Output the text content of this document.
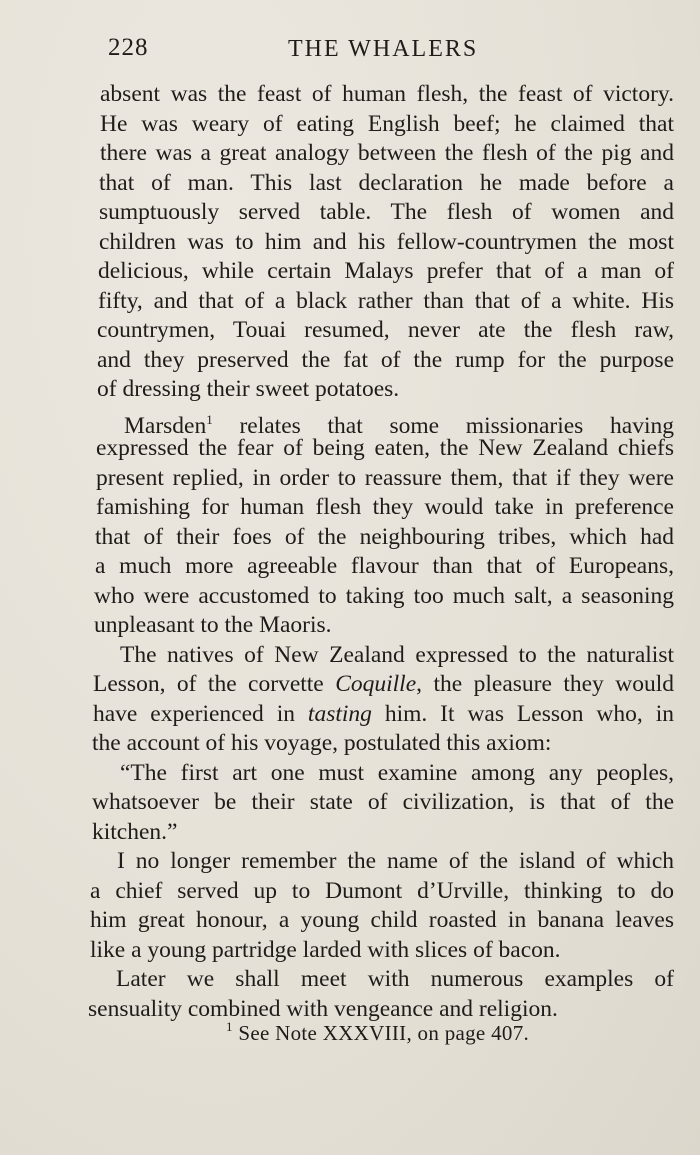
228	THE WHALERS
absent was the feast of human flesh, the feast of victory.
He was weary of eating English beef; he claimed that
there was a great analogy between the flesh of the pig and
that of man. This last declaration he made before a
sumptuously served table. The flesh of women and
children was to him and his fellow-countrymen the most
delicious, while certain Malays prefer that of a man of
fifty, and that of a black rather than that of a white. His
countrymen, Touai resumed, never ate the flesh raw,
and they preserved the fat of the rump for the purpose
of dressing their sweet potatoes.
Marsden$^1$ relates that some missionaries having
expressed the fear of being eaten, the New Zealand chiefs
present replied, in order to reassure them, that if they were
famishing for human flesh they would take in preference
that of their foes of the neighbouring tribes, which had
a much more agreeable flavour than that of Europeans,
who were accustomed to taking too much salt, a seasoning
unpleasant to the Maoris.
The natives of New Zealand expressed to the naturalist
Lesson, of the corvette Coquille, the pleasure they would
have experienced in tasting him. It was Lesson who, in
the account of his voyage, postulated this axiom:
“The first art one must examine among any peoples,
whatsoever be their state of civilization, is that of the
kitchen.”
I no longer remember the name of the island of which
a chief served up to Dumont d’Urville, thinking to do
him great honour, a young child roasted in banana leaves
like a young partridge larded with slices of bacon.
Later we shall meet with numerous examples of
sensuality combined with vengeance and religion.
$^1$ See Note XXXVIII, on page 407.
